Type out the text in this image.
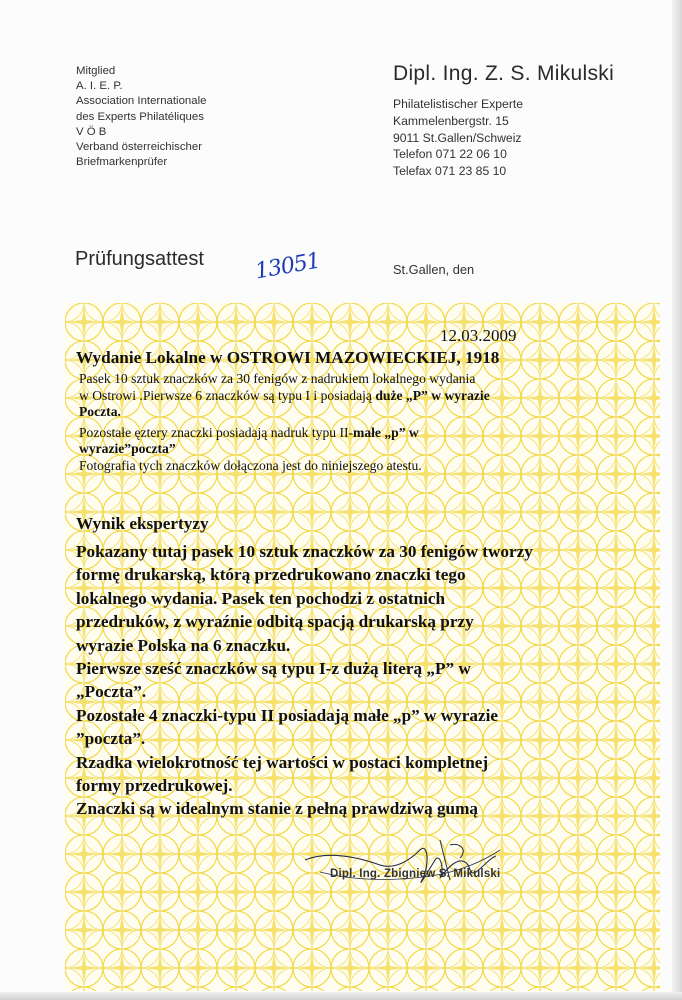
Mitglied
A. I. E. P.
Association Internationale
des Experts Philatéliques
V Ö B
Verband österreichischer
Briefmarkenprüfer
Dipl. Ing. Z. S. Mikulski
Philatelistischer Experte
Kammelenbergstr. 15
9011 St.Gallen/Schweiz
Telefon 071 22 06 10
Telefax 071 23 85 10
Prüfungsattest 13051	St.Gallen, den
12.03.2009
Wydanie Lokalne w OSTROWI MAZOWIECKIEJ, 1918
Pasek 10 sztuk znaczków za 30 fenigów z nadrukiem lokalnego wydania
w Ostrowi .Pierwsze 6 znaczków są typu I i posiadają duże „P” w wyrazie
Poczta.
Pozostałe ęztery znaczki posiadają nadruk typu II-małe „p” w
wyrazie”poczta”
Fotografia tych znaczków dołączona jest do niniejszego atestu.
Wynik ekspertyzy
Pokazany tutaj pasek 10 sztuk znaczków za 30 fenigów tworzy
formę drukarską, którą przedrukowano znaczki tego
lokalnego wydania. Pasek ten pochodzi z ostatnich
przedruków, z wyraźnie odbitą spacją drukarską przy
wyrazie Polska na 6 znaczku.
Pierwsze sześć znaczków są typu I-z dużą literą „P” w
„Poczta”.
Pozostałe 4 znaczki-typu II posiadają małe „p” w wyrazie
”poczta”.
Rzadka wielokrotność tej wartości w postaci kompletnej
formy przedrukowej.
Znaczki są w idealnym stanie z pełną prawdziwą gumą
Dipl. Ing. Zbigniew S. Mikulski
